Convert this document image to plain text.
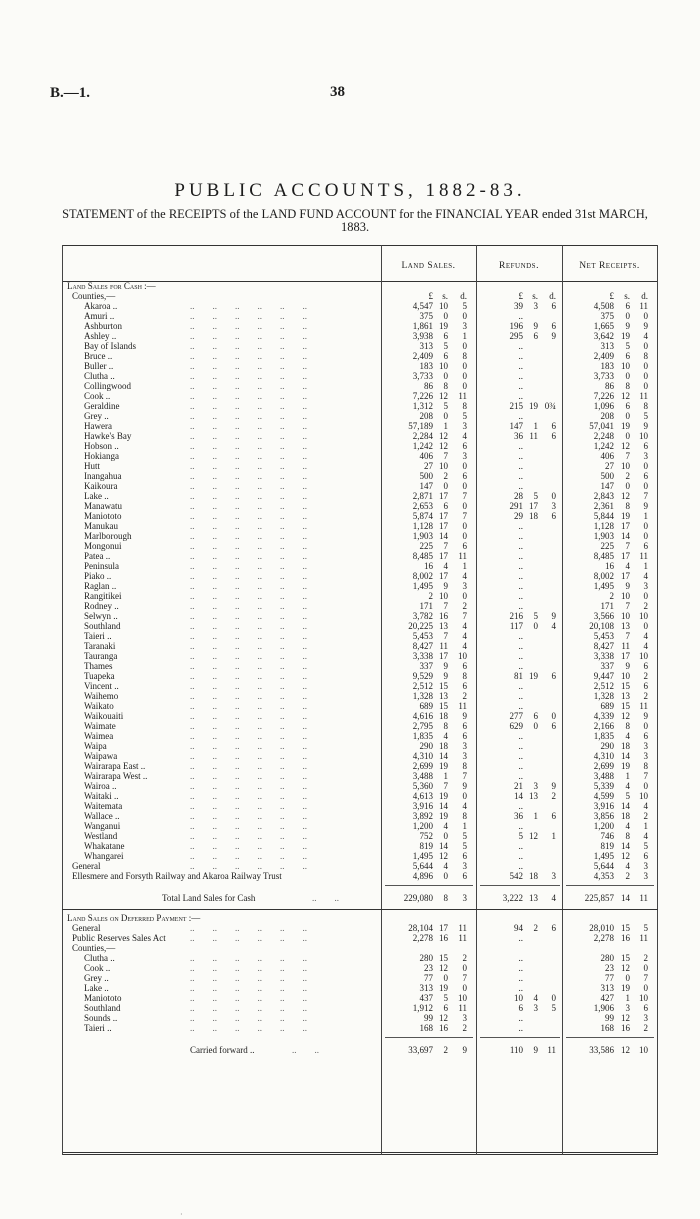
B.—1.	38
PUBLIC ACCOUNTS, 1882-83.
STATEMENT of the RECEIPTS of the LAND FUND ACCOUNT for the FINANCIAL YEAR ended 31st MARCH, 1883.
Land Sales.	Refunds.	Net Receipts.
£ s. d.	£ s. d.	£ s. d.
Land Sales for Cash :—
Counties,—
Akaroa ..	..        ..        ..        ..        ..        ..	4,547 10 5	39 3 6	4,508 6 11
Amuri ..	..        ..        ..        ..        ..        ..	375 0 0	..	375 0 0
Ashburton	..        ..        ..        ..        ..        ..	1,861 19 3	196 9 6	1,665 9 9
Ashley ..	..        ..        ..        ..        ..        ..	3,938 6 1	295 6 9	3,642 19 4
Bay of Islands	..        ..        ..        ..        ..        ..	313 5 0	..	313 5 0
Bruce ..	..        ..        ..        ..        ..        ..	2,409 6 8	..	2,409 6 8
Buller ..	..        ..        ..        ..        ..        ..	183 10 0	..	183 10 0
Clutha ..	..        ..        ..        ..        ..        ..	3,733 0 0	..	3,733 0 0
Collingwood	..        ..        ..        ..        ..        ..	86 8 0	..	86 8 0
Cook ..	..        ..        ..        ..        ..        ..	7,226 12 11	..	7,226 12 11
Geraldine	..        ..        ..        ..        ..        ..	1,312 5 8	215 19 0¾	1,096 6 8
Grey ..	..        ..        ..        ..        ..        ..	208 0 5	..	208 0 5
Hawera	..        ..        ..        ..        ..        ..	57,189 1 3	147 1 6	57,041 19 9
Hawke's Bay	..        ..        ..        ..        ..        ..	2,284 12 4	36 11 6	2,248 0 10
Hobson ..	..        ..        ..        ..        ..        ..	1,242 12 6	..	1,242 12 6
Hokianga	..        ..        ..        ..        ..        ..	406 7 3	..	406 7 3
Hutt	..        ..        ..        ..        ..        ..	27 10 0	..	27 10 0
Inangahua	..        ..        ..        ..        ..        ..	500 2 6	..	500 2 6
Kaikoura	..        ..        ..        ..        ..        ..	147 0 0	..	147 0 0
Lake ..	..        ..        ..        ..        ..        ..	2,871 17 7	28 5 0	2,843 12 7
Manawatu	..        ..        ..        ..        ..        ..	2,653 6 0	291 17 3	2,361 8 9
Maniototo	..        ..        ..        ..        ..        ..	5,874 17 7	29 18 6	5,844 19 1
Manukau	..        ..        ..        ..        ..        ..	1,128 17 0	..	1,128 17 0
Marlborough	..        ..        ..        ..        ..        ..	1,903 14 0	..	1,903 14 0
Mongonui	..        ..        ..        ..        ..        ..	225 7 6	..	225 7 6
Patea ..	..        ..        ..        ..        ..        ..	8,485 17 11	..	8,485 17 11
Peninsula	..        ..        ..        ..        ..        ..	16 4 1	..	16 4 1
Piako ..	..        ..        ..        ..        ..        ..	8,002 17 4	..	8,002 17 4
Raglan ..	..        ..        ..        ..        ..        ..	1,495 9 3	..	1,495 9 3
Rangitikei	..        ..        ..        ..        ..        ..	2 10 0	..	2 10 0
Rodney ..	..        ..        ..        ..        ..        ..	171 7 2	..	171 7 2
Selwyn ..	..        ..        ..        ..        ..        ..	3,782 16 7	216 5 9	3,566 10 10
Southland	..        ..        ..        ..        ..        ..	20,225 13 4	117 0 4	20,108 13 0
Taieri ..	..        ..        ..        ..        ..        ..	5,453 7 4	..	5,453 7 4
Taranaki	..        ..        ..        ..        ..        ..	8,427 11 4	..	8,427 11 4
Tauranga	..        ..        ..        ..        ..        ..	3,338 17 10	..	3,338 17 10
Thames	..        ..        ..        ..        ..        ..	337 9 6	..	337 9 6
Tuapeka	..        ..        ..        ..        ..        ..	9,529 9 8	81 19 6	9,447 10 2
Vincent ..	..        ..        ..        ..        ..        ..	2,512 15 6	..	2,512 15 6
Waihemo	..        ..        ..        ..        ..        ..	1,328 13 2	..	1,328 13 2
Waikato	..        ..        ..        ..        ..        ..	689 15 11	..	689 15 11
Waikouaiti	..        ..        ..        ..        ..        ..	4,616 18 9	277 6 0	4,339 12 9
Waimate	..        ..        ..        ..        ..        ..	2,795 8 6	629 0 6	2,166 8 0
Waimea	..        ..        ..        ..        ..        ..	1,835 4 6	..	1,835 4 6
Waipa	..        ..        ..        ..        ..        ..	290 18 3	..	290 18 3
Waipawa	..        ..        ..        ..        ..        ..	4,310 14 3	..	4,310 14 3
Wairarapa East ..	..        ..        ..        ..        ..        ..	2,699 19 8	..	2,699 19 8
Wairarapa West ..	..        ..        ..        ..        ..        ..	3,488 1 7	..	3,488 1 7
Wairoa ..	..        ..        ..        ..        ..        ..	5,360 7 9	21 3 9	5,339 4 0
Waitaki ..	..        ..        ..        ..        ..        ..	4,613 19 0	14 13 2	4,599 5 10
Waitemata	..        ..        ..        ..        ..        ..	3,916 14 4	..	3,916 14 4
Wallace ..	..        ..        ..        ..        ..        ..	3,892 19 8	36 1 6	3,856 18 2
Wanganui	..        ..        ..        ..        ..        ..	1,200 4 1	..	1,200 4 1
Westland	..        ..        ..        ..        ..        ..	752 0 5	5 12 1	746 8 4
Whakatane	..        ..        ..        ..        ..        ..	819 14 5	..	819 14 5
Whangarei	..        ..        ..        ..        ..        ..	1,495 12 6	..	1,495 12 6
General	..        ..        ..        ..        ..        ..	5,644 4 3	..	5,644 4 3
Ellesmere and Forsyth Railway and Akaroa Railway Trust	4,896 0 6	542 18 3	4,353 2 3
Total Land Sales for Cash	..        ..	229,080 8 3	3,222 13 4	225,857 14 11
Land Sales on Deferred Payment :—
General	..        ..        ..        ..        ..        ..	28,104 17 11	94 2 6	28,010 15 5
Public Reserves Sales Act	..        ..        ..        ..        ..        ..	2,278 16 11	..	2,278 16 11
Counties,—
Clutha ..	..        ..        ..        ..        ..        ..	280 15 2	..	280 15 2
Cook ..	..        ..        ..        ..        ..        ..	23 12 0	..	23 12 0
Grey ..	..        ..        ..        ..        ..        ..	77 0 7	..	77 0 7
Lake ..	..        ..        ..        ..        ..        ..	313 19 0	..	313 19 0
Maniototo	..        ..        ..        ..        ..        ..	437 5 10	10 4 0	427 1 10
Southland	..        ..        ..        ..        ..        ..	1,912 6 11	6 3 5	1,906 3 6
Sounds ..	..        ..        ..        ..        ..        ..	99 12 3	..	99 12 3
Taieri ..	..        ..        ..        ..        ..        ..	168 16 2	..	168 16 2
Carried forward ..	..        ..	33,697 2 9	110 9 11	33,586 12 10
·
